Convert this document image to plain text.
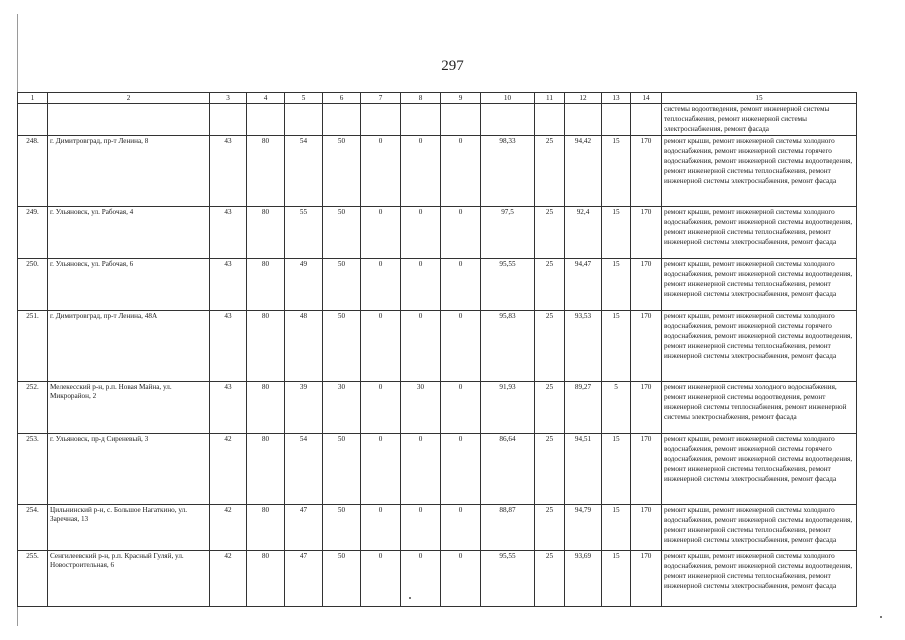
297
1	2	3	4	5	6	7	8	9	10	11	12	13	14	15
														системы водоотведения, ремонт инженерной системы теплоснабжения, ремонт инженерной системы электроснабжения, ремонт фасада
248.	г. Димитровград, пр-т Ленина, 8	43	80	54	50	0	0	0	98,33	25	94,42	15	170	ремонт крыши, ремонт инженерной системы холодного водоснабжения, ремонт инженерной системы горячего водоснабжения, ремонт инженерной системы водоотведения, ремонт инженерной системы теплоснабжения, ремонт инженерной системы электроснабжения, ремонт фасада
249.	г. Ульяновск, ул. Рабочая, 4	43	80	55	50	0	0	0	97,5	25	92,4	15	170	ремонт крыши, ремонт инженерной системы холодного водоснабжения, ремонт инженерной системы водоотведения, ремонт инженерной системы теплоснабжения, ремонт инженерной системы электроснабжения, ремонт фасада
250.	г. Ульяновск, ул. Рабочая, 6	43	80	49	50	0	0	0	95,55	25	94,47	15	170	ремонт крыши, ремонт инженерной системы холодного водоснабжения, ремонт инженерной системы водоотведения, ремонт инженерной системы теплоснабжения, ремонт инженерной системы электроснабжения, ремонт фасада
251.	г. Димитровград, пр-т Ленина, 48А	43	80	48	50	0	0	0	95,83	25	93,53	15	170	ремонт крыши, ремонт инженерной системы холодного водоснабжения, ремонт инженерной системы горячего водоснабжения, ремонт инженерной системы водоотведения, ремонт инженерной системы теплоснабжения, ремонт инженерной системы электроснабжения, ремонт фасада
252.	Мелекесский р-н, р.п. Новая Майна, ул. Микрорайон, 2	43	80	39	30	0	30	0	91,93	25	89,27	5	170	ремонт инженерной системы холодного водоснабжения, ремонт инженерной системы водоотведения, ремонт инженерной системы теплоснабжения, ремонт инженерной системы электроснабжения, ремонт фасада
253.	г. Ульяновск, пр-д Сиреневый, 3	42	80	54	50	0	0	0	86,64	25	94,51	15	170	ремонт крыши, ремонт инженерной системы холодного водоснабжения, ремонт инженерной системы горячего водоснабжения, ремонт инженерной системы водоотведения, ремонт инженерной системы теплоснабжения, ремонт инженерной системы электроснабжения, ремонт фасада
254.	Цильнинский р-н, с. Большое Нагаткино, ул. Заречная, 13	42	80	47	50	0	0	0	88,87	25	94,79	15	170	ремонт крыши, ремонт инженерной системы холодного водоснабжения, ремонт инженерной системы водоотведения, ремонт инженерной системы теплоснабжения, ремонт инженерной системы электроснабжения, ремонт фасада
255.	Сенгилеевский р-н, р.п. Красный Гуляй, ул. Новостроительная, 6	42	80	47	50	0	0	0	95,55	25	93,69	15	170	ремонт крыши, ремонт инженерной системы холодного водоснабжения, ремонт инженерной системы водоотведения, ремонт инженерной системы теплоснабжения, ремонт инженерной системы электроснабжения, ремонт фасада
